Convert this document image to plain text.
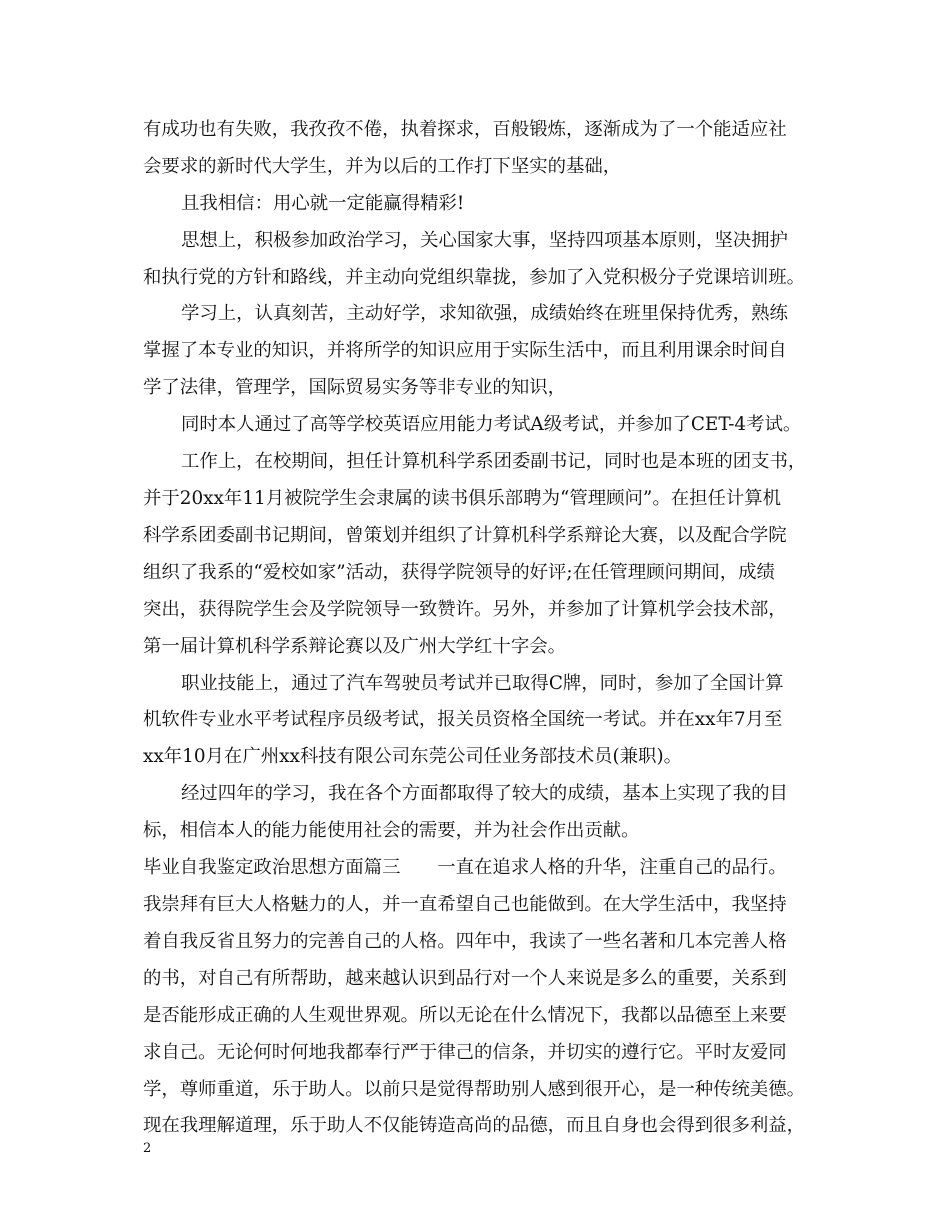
有成功也有失败，我孜孜不倦，执着探求，百般锻炼，逐渐成为了一个能适应社
会要求的新时代大学生，并为以后的工作打下坚实的基础，
且我相信：用心就一定能赢得精彩!
思想上，积极参加政治学习，关心国家大事，坚持四项基本原则，坚决拥护
和执行党的方针和路线，并主动向党组织靠拢，参加了入党积极分子党课培训班。
学习上，认真刻苦，主动好学，求知欲强，成绩始终在班里保持优秀，熟练
掌握了本专业的知识，并将所学的知识应用于实际生活中，而且利用课余时间自
学了法律，管理学，国际贸易实务等非专业的知识，
同时本人通过了高等学校英语应用能力考试A级考试，并参加了CET-4考试。
工作上，在校期间，担任计算机科学系团委副书记，同时也是本班的团支书，
并于20xx年11月被院学生会隶属的读书俱乐部聘为“管理顾问”。在担任计算机
科学系团委副书记期间，曾策划并组织了计算机科学系辩论大赛，以及配合学院
组织了我系的“爱校如家”活动，获得学院领导的好评;在任管理顾问期间，成绩
突出，获得院学生会及学院领导一致赞许。另外，并参加了计算机学会技术部，
第一届计算机科学系辩论赛以及广州大学红十字会。
职业技能上，通过了汽车驾驶员考试并已取得C牌，同时，参加了全国计算
机软件专业水平考试程序员级考试，报关员资格全国统一考试。并在xx年7月至
xx年10月在广州xx科技有限公司东莞公司任业务部技术员(兼职)。
经过四年的学习，我在各个方面都取得了较大的成绩，基本上实现了我的目
标，相信本人的能力能使用社会的需要，并为社会作出贡献。
毕业自我鉴定政治思想方面篇三　　一直在追求人格的升华，注重自己的品行。
我崇拜有巨大人格魅力的人，并一直希望自己也能做到。在大学生活中，我坚持
着自我反省且努力的完善自己的人格。四年中，我读了一些名著和几本完善人格
的书，对自己有所帮助，越来越认识到品行对一个人来说是多么的重要，关系到
是否能形成正确的人生观世界观。所以无论在什么情况下，我都以品德至上来要
求自己。无论何时何地我都奉行严于律己的信条，并切实的遵行它。平时友爱同
学，尊师重道，乐于助人。以前只是觉得帮助别人感到很开心，是一种传统美德。
现在我理解道理，乐于助人不仅能铸造高尚的品德，而且自身也会得到很多利益，
2
